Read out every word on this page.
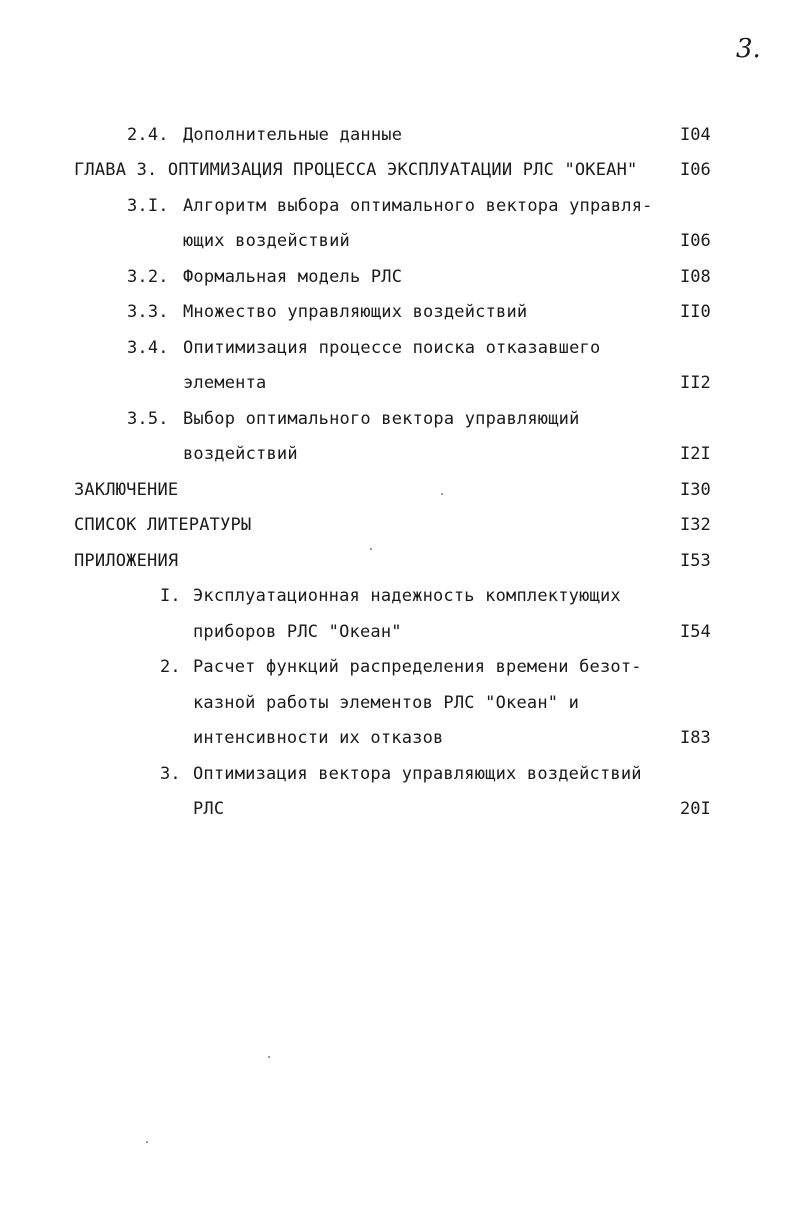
3.
2.4. Дополнительные данные	I04
ГЛАВА 3. ОПТИМИЗАЦИЯ ПРОЦЕССА ЭКСПЛУАТАЦИИ РЛС "ОКЕАН"	I06
3.I. Алгоритм выбора оптимального вектора управля-
ющих воздействий	I06
3.2. Формальная модель РЛС	I08
3.3. Множество управляющих воздействий	II0
3.4. Опитимизация процессе поиска отказавшего
элемента	II2
3.5. Выбор оптимального вектора управляющий
воздействий	I2I
ЗАКЛЮЧЕНИЕ	I30
СПИСОК ЛИТЕРАТУРЫ	I32
ПРИЛОЖЕНИЯ	I53
I. Эксплуатационная надежность комплектующих
приборов РЛС "Океан"	I54
2. Расчет функций распределения времени безот-
казной работы элементов РЛС "Океан" и
интенсивности их отказов	I83
3. Оптимизация вектора управляющих воздействий
РЛС	20I
